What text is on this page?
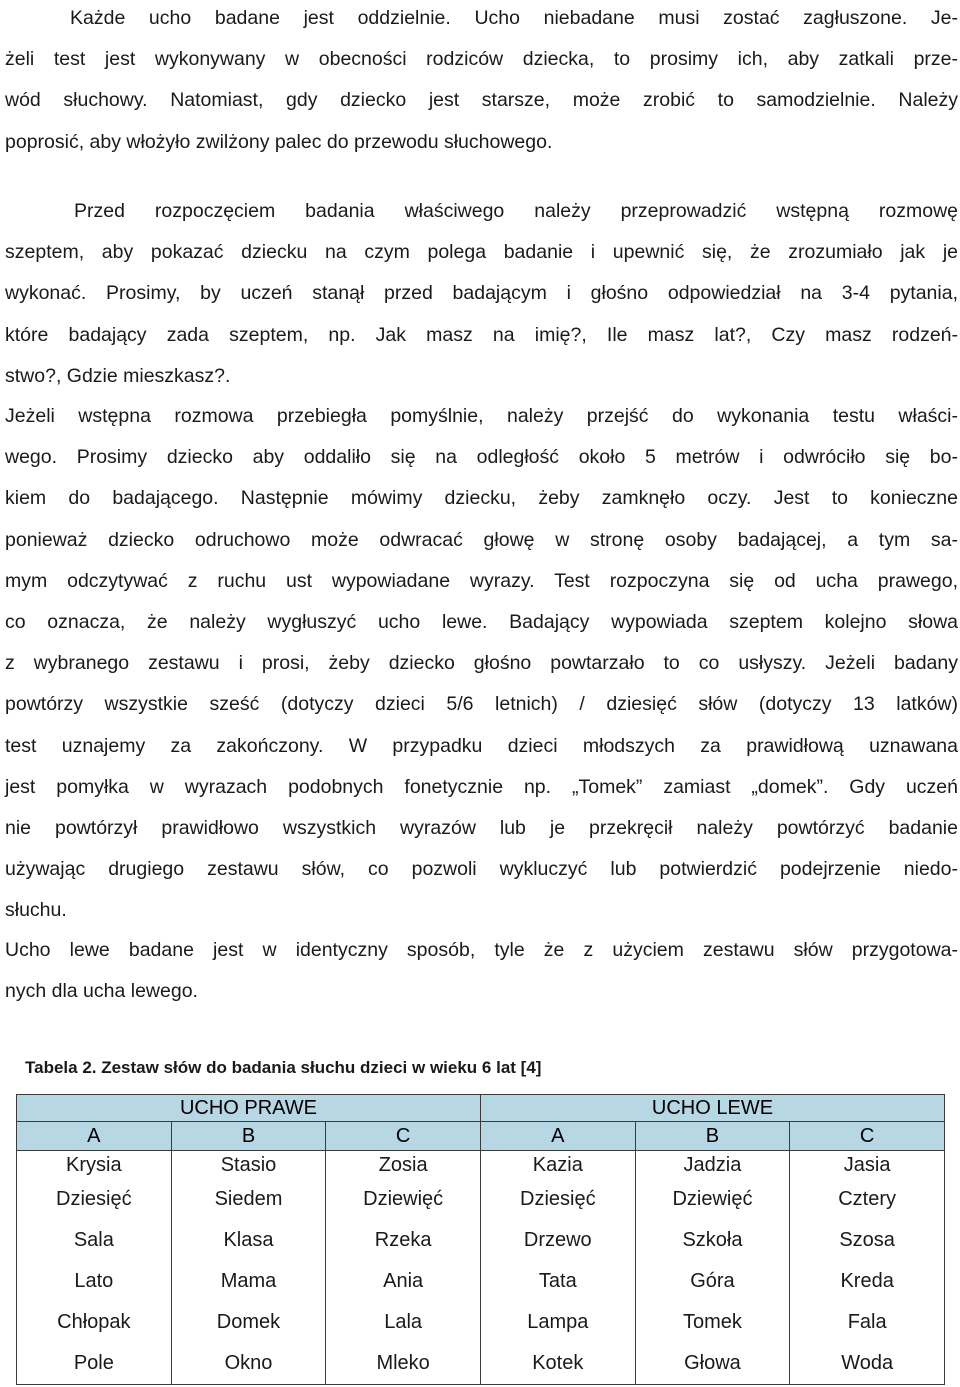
Każde ucho badane jest oddzielnie. Ucho niebadane musi zostać zagłuszone. Je-
żeli test jest wykonywany w obecności rodziców dziecka, to prosimy ich, aby zatkali prze-
wód słuchowy. Natomiast, gdy dziecko jest starsze, może zrobić to samodzielnie. Należy
poprosić, aby włożyło zwilżony palec do przewodu słuchowego.
Przed rozpoczęciem badania właściwego należy przeprowadzić wstępną rozmowę
szeptem, aby pokazać dziecku na czym polega badanie i upewnić się, że zrozumiało jak je
wykonać. Prosimy, by uczeń stanął przed badającym i głośno odpowiedział na 3-4 pytania,
które badający zada szeptem, np. Jak masz na imię?, Ile masz lat?, Czy masz rodzeń-
stwo?, Gdzie mieszkasz?.
Jeżeli wstępna rozmowa przebiegła pomyślnie, należy przejść do wykonania testu właści-
wego. Prosimy dziecko aby oddaliło się na odległość około 5 metrów i odwróciło się bo-
kiem do badającego. Następnie mówimy dziecku, żeby zamknęło oczy. Jest to konieczne
ponieważ dziecko odruchowo może odwracać głowę w stronę osoby badającej, a tym sa-
mym odczytywać z ruchu ust wypowiadane wyrazy. Test rozpoczyna się od ucha prawego,
co oznacza, że należy wygłuszyć ucho lewe. Badający wypowiada szeptem kolejno słowa
z wybranego zestawu i prosi, żeby dziecko głośno powtarzało to co usłyszy. Jeżeli badany
powtórzy wszystkie sześć (dotyczy dzieci 5/6 letnich) / dziesięć słów (dotyczy 13 latków)
test uznajemy za zakończony. W przypadku dzieci młodszych za prawidłową uznawana
jest pomyłka w wyrazach podobnych fonetycznie np. „Tomek” zamiast „domek”. Gdy uczeń
nie powtórzył prawidłowo wszystkich wyrazów lub je przekręcił należy powtórzyć badanie
używając drugiego zestawu słów, co pozwoli wykluczyć lub potwierdzić podejrzenie niedo-
słuchu.
Ucho lewe badane jest w identyczny sposób, tyle że z użyciem zestawu słów przygotowa-
nych dla ucha lewego.
Tabela 2. Zestaw słów do badania słuchu dzieci w wieku 6 lat [4]
UCHO PRAWE			UCHO LEWE		
A	B	C	A	B	C
Krysia	Stasio	Zosia	Kazia	Jadzia	Jasia
Dziesięć	Siedem	Dziewięć	Dziesięć	Dziewięć	Cztery
Sala	Klasa	Rzeka	Drzewo	Szkoła	Szosa
Lato	Mama	Ania	Tata	Góra	Kreda
Chłopak	Domek	Lala	Lampa	Tomek	Fala
Pole	Okno	Mleko	Kotek	Głowa	Woda
